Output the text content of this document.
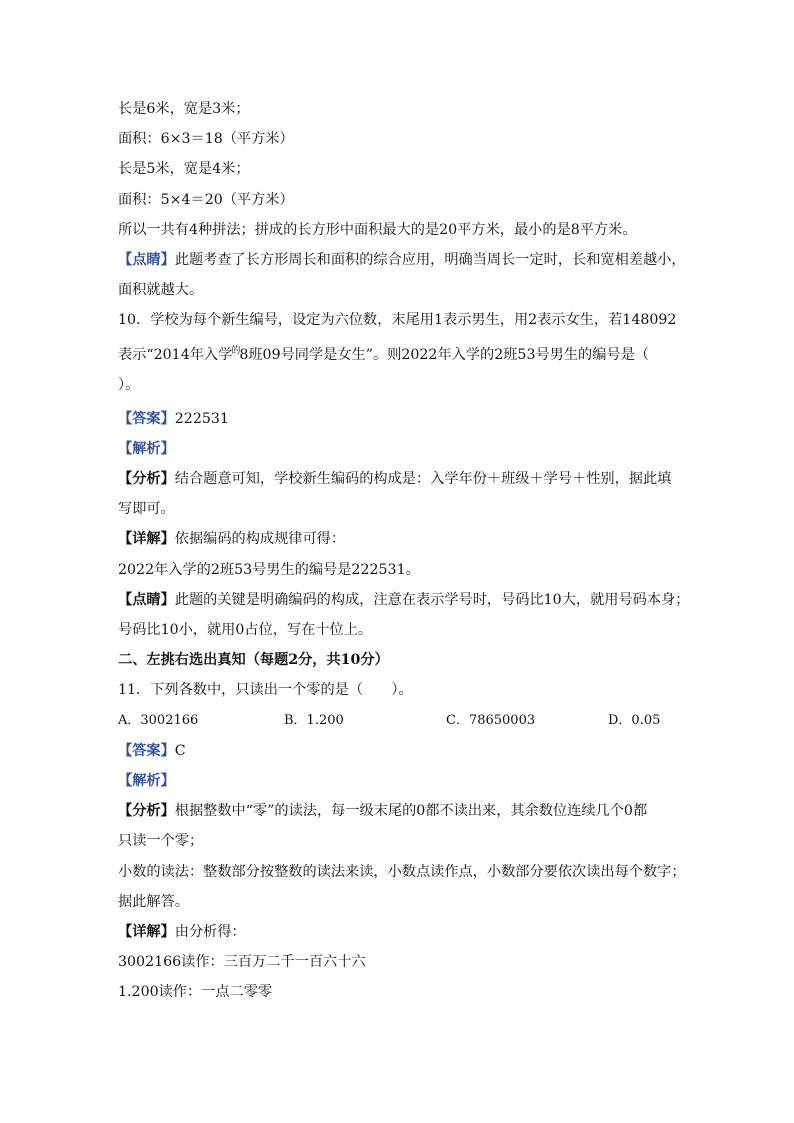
长是6米，宽是3米；

面积：6×3＝18（平方米）

长是5米，宽是4米；

面积：5×4＝20（平方米）

所以一共有4种拼法；拼成的长方形中面积最大的是20平方米，最小的是8平方米。

【点睛】此题考查了长方形周长和面积的综合应用，明确当周长一定时，长和宽相差越小，

面积就越大。

10．学校为每个新生编号，设定为六位数，末尾用1表示男生，用2表示女生，若148092

表示“2014年入学$^的$8班09号同学是女生”。则2022年入学的2班53号男生的编号是（

）。

【答案】222531

【解析】

【分析】结合题意可知，学校新生编码的构成是：入学年份＋班级＋学号＋性别，据此填

写即可。

【详解】依据编码的构成规律可得：

2022年入学的2班53号男生的编号是222531。

【点睛】此题的关键是明确编码的构成，注意在表示学号时，号码比10大，就用号码本身；

号码比10小，就用0占位，写在十位上。

二、左挑右选出真知（每题2分，共10分）

11．下列各数中，只读出一个零的是（　　）。

A．3002166	B．1.200	C．78650003	D．0.05

【答案】C

【解析】

【分析】根据整数中“零”的读法，每一级末尾的0都不读出来，其余数位连续几个0都

只读一个零；

小数的读法：整数部分按整数的读法来读，小数点读作点，小数部分要依次读出每个数字；

据此解答。

【详解】由分析得：

3002166读作：三百万二千一百六十六

1.200读作：一点二零零
